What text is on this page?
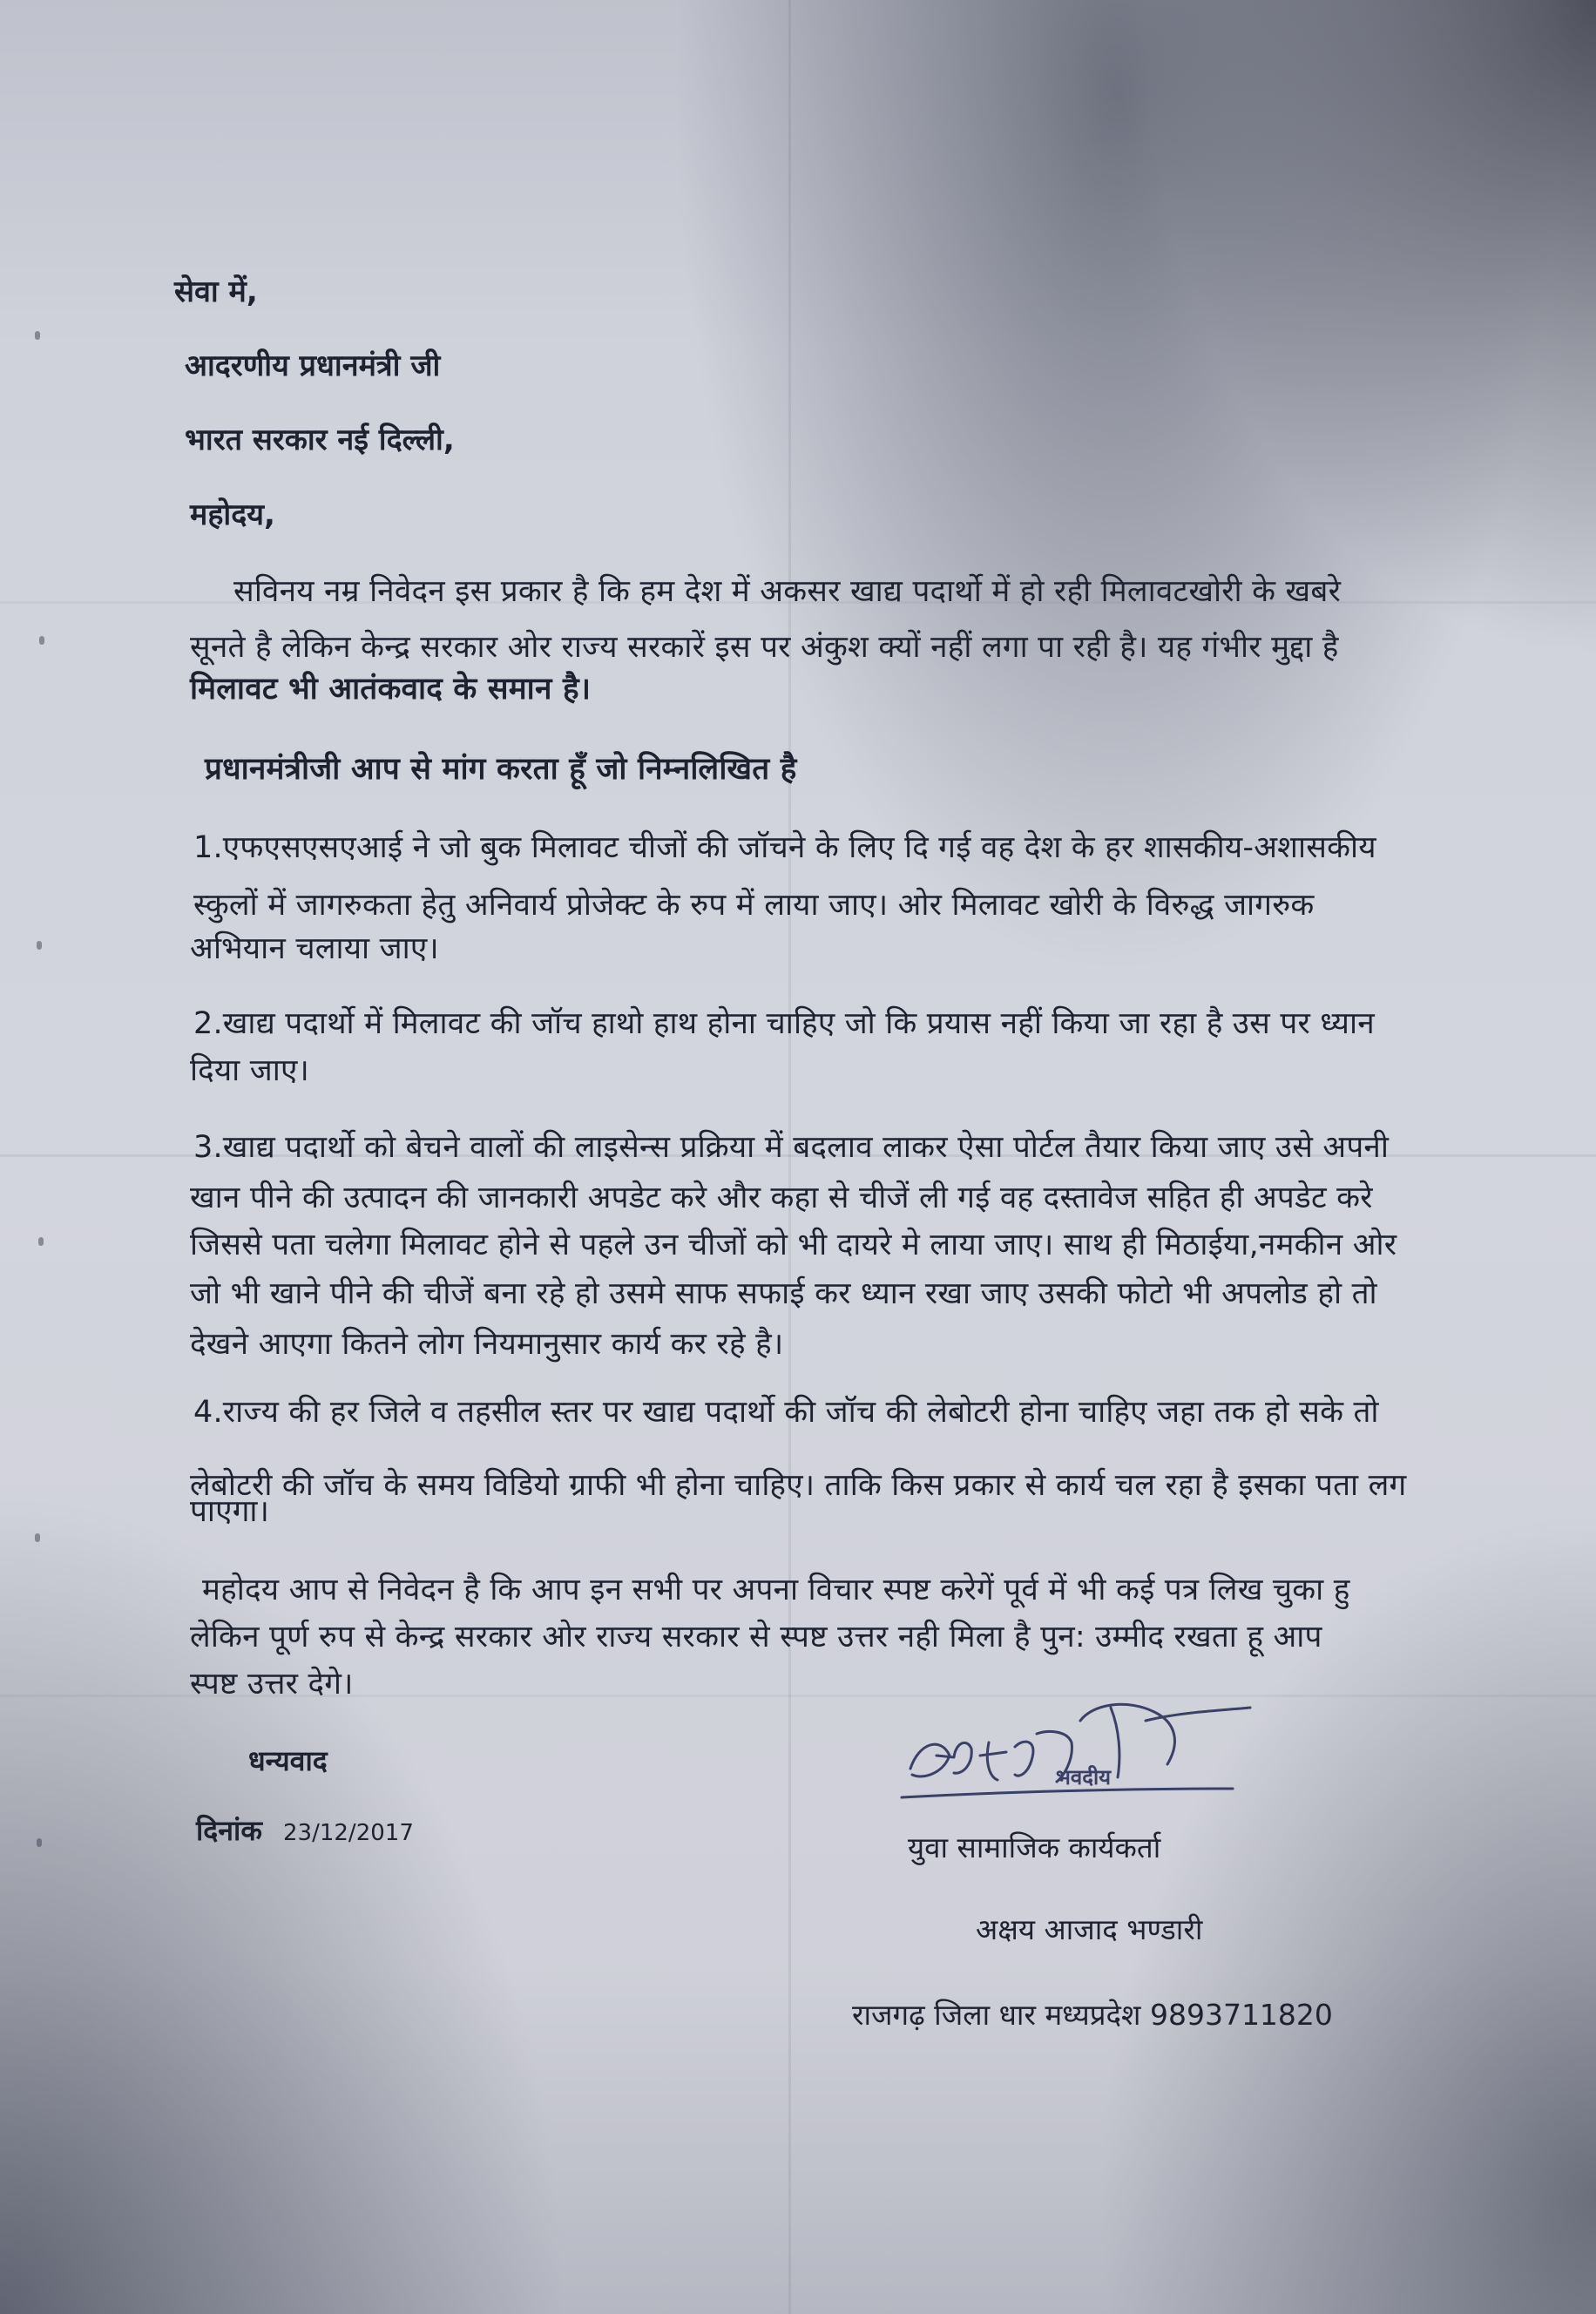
सेवा में,
आदरणीय प्रधानमंत्री जी
भारत सरकार नई दिल्ली,
महोदय,
सविनय नम्र निवेदन इस प्रकार है कि हम देश में अकसर खाद्य पदार्थो में हो रही मिलावटखोरी के खबरे
सूनते है लेकिन केन्द्र सरकार ओर राज्य सरकारें इस पर अंकुश क्यों नहीं लगा पा रही है। यह गंभीर मुद्दा है
मिलावट भी आतंकवाद के समान है।
प्रधानमंत्रीजी आप से मांग करता हूँ जो निम्नलिखित है
1.एफएसएसएआई ने जो बुक मिलावट चीजों की जॉचने के लिए दि गई वह देश के हर शासकीय-अशासकीय
स्कुलों में जागरुकता हेतु अनिवार्य प्रोजेक्ट के रुप में लाया जाए। ओर मिलावट खोरी के विरुद्ध जागरुक
अभियान चलाया जाए।
2.खाद्य पदार्थो में मिलावट की जॉच हाथो हाथ होना चाहिए जो कि प्रयास नहीं किया जा रहा है उस पर ध्यान
दिया जाए।
3.खाद्य पदार्थो को बेचने वालों की लाइसेन्स प्रक्रिया में बदलाव लाकर ऐसा पोर्टल तैयार किया जाए उसे अपनी
खान पीने की उत्पादन की जानकारी अपडेट करे और कहा से चीजें ली गई वह दस्तावेज सहित ही अपडेट करे
जिससे पता चलेगा मिलावट होने से पहले उन चीजों को भी दायरे मे लाया जाए। साथ ही मिठाईया,नमकीन ओर
जो भी खाने पीने की चीजें बना रहे हो उसमे साफ सफाई कर ध्यान रखा जाए उसकी फोटो भी अपलोड हो तो
देखने आएगा कितने लोग नियमानुसार कार्य कर रहे है।
4.राज्य की हर जिले व तहसील स्तर पर खाद्य पदार्थो की जॉच की लेबोटरी होना चाहिए जहा तक हो सके तो
लेबोटरी की जॉच के समय विडियो ग्राफी भी होना चाहिए। ताकि किस प्रकार से कार्य चल रहा है इसका पता लग
पाएगा।
महोदय आप से निवेदन है कि आप इन सभी पर अपना विचार स्पष्ट करेगें पूर्व में भी कई पत्र लिख चुका हु
लेकिन पूर्ण रुप से केन्द्र सरकार ओर राज्य सरकार से स्पष्ट उत्तर नही मिला है पुन: उम्मीद रखता हू आप
स्पष्ट उत्तर देगे।
धन्यवाद
दिनांक 23/12/2017
भवदीय
युवा सामाजिक कार्यकर्ता
अक्षय आजाद भण्डारी
राजगढ़ जिला धार मध्यप्रदेश 9893711820
